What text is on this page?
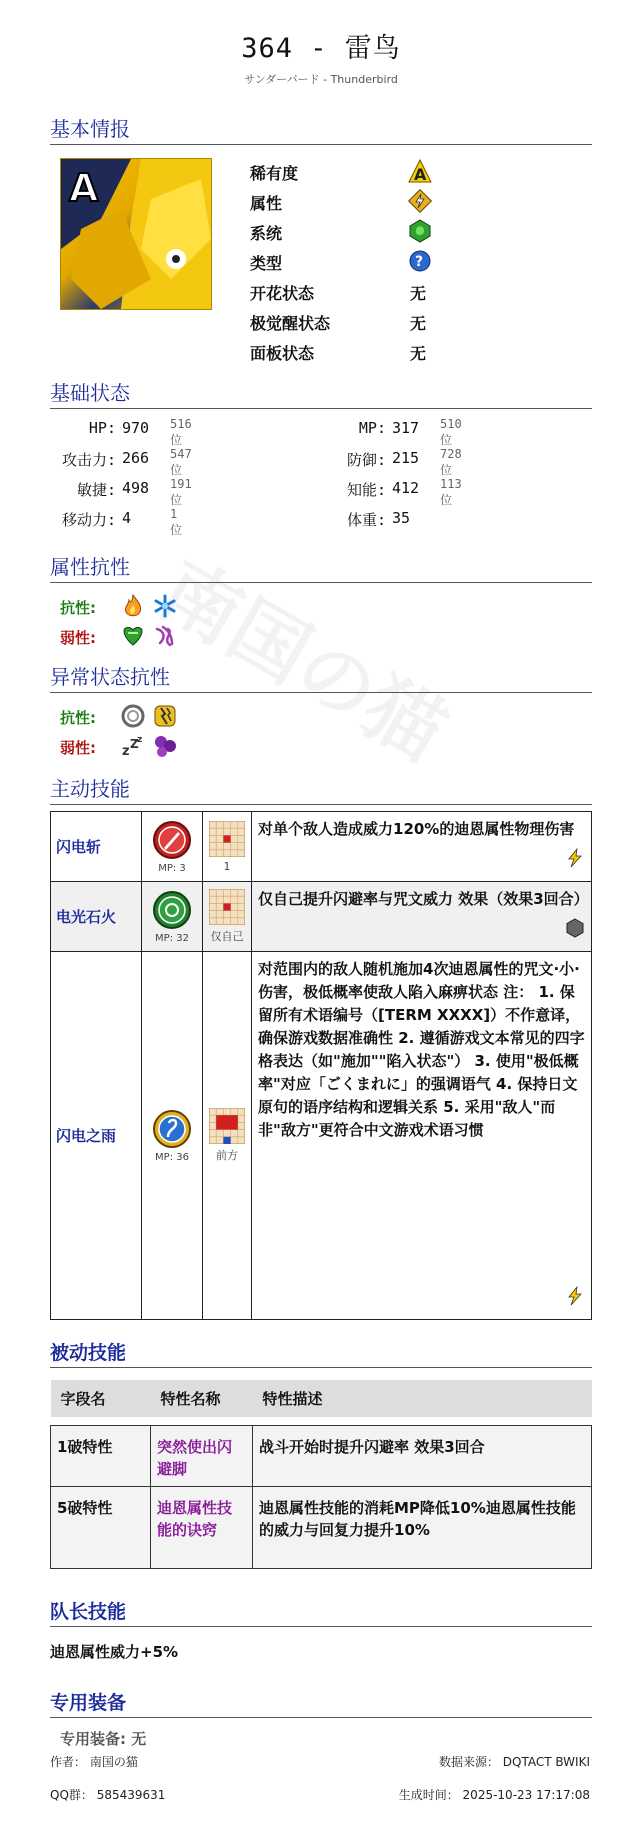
南国の猫
364 - 雷鸟
サンダーバード - Thunderbird
基本情报
A	稀有度	A
属性
系统
类型	?
开花状态	无
极觉醒状态	无
面板状态	无
基础状态
HP: 970 516位
MP: 317 510位
攻击力: 266 547位
防御: 215 728位
敏捷: 498 191位
知能: 412 113位
移动力: 4	1位
体重: 35
属性抗性
抗性:
弱性:
异常状态抗性
抗性:
弱性: z Z
z
主动技能
闪电斩	MP: 3	1	对单个敌人造成威力120%的迪恩属性物理伤害

电光石火	MP: 32	仅自己	仅自己提升闪避率与咒文威力 效果（效果3回合）

闪电之雨	MP: 36	前方	对范围内的敌人随机施加4次迪恩属性的咒文·小·伤害，极低概率使敌人陷入麻痹状态 注： 1. 保留所有术语编号（[TERM XXXX]）不作意译，确保游戏数据准确性 2. 遵循游戏文本常见的四字格表达（如"施加""陷入状态"） 3. 使用"极低概率"对应「ごくまれに」的强调语气 4. 保持日文原句的语序结构和逻辑关系 5. 采用"敌人"而非"敌方"更符合中文游戏术语习惯
被动技能
字段名	特性名称	特性描述

1破特性	突然使出闪避脚	战斗开始时提升闪避率 效果3回合
5破特性	迪恩属性技能的诀窍	迪恩属性技能的消耗MP降低10%迪恩属性技能的威力与回复力提升10%
队长技能
迪恩属性威力+5%
专用装备
专用装备: 无
作者： 南国の猫	数据来源： DQTACT BWIKI
QQ群： 585439631	生成时间： 2025-10-23 17:17:08
